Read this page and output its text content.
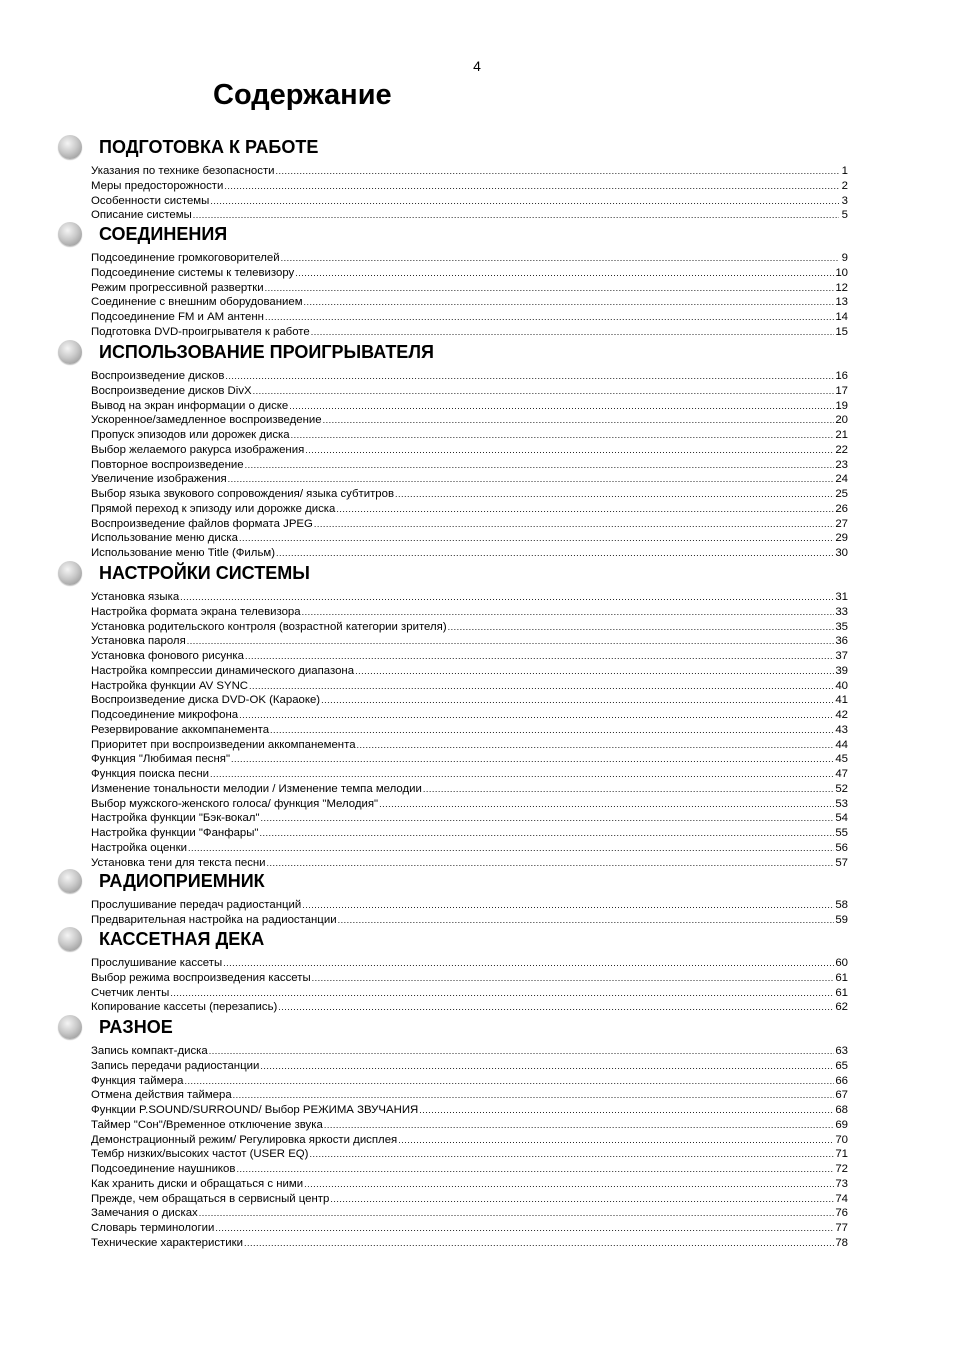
4
Содержание
ПОДГОТОВКА К РАБОТЕ
Указания по технике безопасности .....	1
Меры предосторожности .....	2
Особенности системы .....	3
Описание системы .....	5
СОЕДИНЕНИЯ
Подсоединение громкоговорителей .....	9
Подсоединение системы к телевизору .....	10
Режим прогрессивной развертки .....	12
Соединение с внешним оборудованием .....	13
Подсоединение FM и AM антенн .....	14
Подготовка DVD-проигрывателя к работе .....	15
ИСПОЛЬЗОВАНИЕ ПРОИГРЫВАТЕЛЯ
Воспроизведение дисков .....	16
Воспроизведение дисков DivX .....	17
Вывод на экран информации о диске .....	19
Ускоренное/замедленное воспроизведение .....	20
Пропуск эпизодов или дорожек диска .....	21
Выбор желаемого ракурса изображения .....	22
Повторное воспроизведение .....	23
Увеличение изображения .....	24
Выбор языка звукового сопровождения/ языка субтитров .....	25
Прямой переход к эпизоду или дорожке диска .....	26
Воспроизведение файлов формата JPEG .....	27
Использование меню диска .....	29
Использование меню Title (Фильм) .....	30
НАСТРОЙКИ СИСТЕМЫ
Установка языка .....	31
Настройка формата экрана телевизора .....	33
Установка родительского контроля (возрастной категории зрителя) .....	35
Установка пароля .....	36
Установка фонового рисунка .....	37
Настройка компрессии динамического диапазона .....	39
Настройка функции AV SYNC .....	40
Воспроизведение диска DVD-OK (Караоке) .....	41
Подсоединение микрофона .....	42
Резервирование аккомпанемента .....	43
Приоритет при воспроизведении аккомпанемента .....	44
Функция "Любимая песня" .....	45
Функция поиска песни .....	47
Изменение тональности мелодии / Изменение темпа мелодии .....	52
Выбор мужского-женского голоса/ функция "Мелодия" .....	53
Настройка функции "Бэк-вокал" .....	54
Настройка функции "Фанфары" .....	55
Настройка оценки .....	56
Установка тени для текста песни .....	57
РАДИОПРИЕМНИК
Прослушивание передач радиостанций .....	58
Предварительная настройка на радиостанции .....	59
КАССЕТНАЯ ДЕКА
Прослушивание кассеты .....	60
Выбор режима воспроизведения кассеты .....	61
Счетчик ленты .....	61
Копирование кассеты (перезапись) .....	62
РАЗНОЕ
Запись компакт-диска .....	63
Запись передачи радиостанции .....	65
Функция таймера .....	66
Отмена действия таймера .....	67
Функции P.SOUND/SURROUND/ Выбор РЕЖИМА ЗВУЧАНИЯ .....	68
Таймер "Сон"/Временное отключение звука .....	69
Демонстрационный режим/ Регулировка яркости дисплея .....	70
Тембр низких/высоких частот (USER EQ) .....	71
Подсоединение наушников .....	72
Как хранить диски и обращаться с ними .....	73
Прежде, чем обращаться в сервисный центр .....	74
Замечания о дисках .....	76
Словарь терминологии .....	77
Технические характеристики .....	78
